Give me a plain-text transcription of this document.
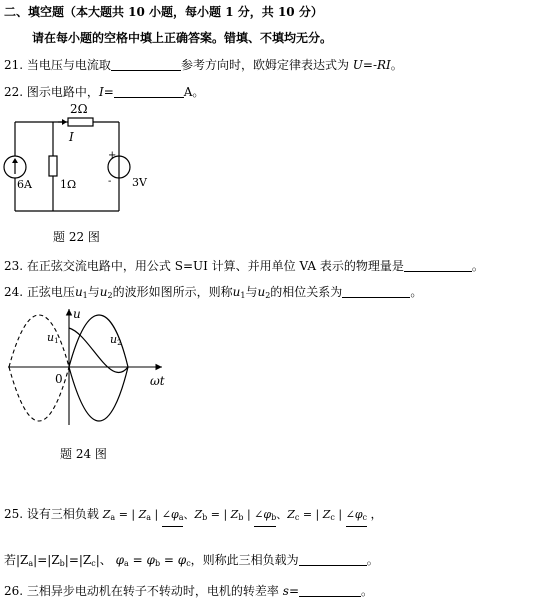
二、填空题（本大题共 10 小题，每小题 1 分，共 10 分）
请在每小题的空格中填上正确答案。错填、不填均无分。
21. 当电压与电流取	参考方向时，欧姆定律表达式为 U=-RI。
22. 图示电路中，I=	A。
2Ω
I
6A	1Ω	3V
+
-
题 22 图
23. 在正弦交流电路中，用公式 S=UI 计算、并用单位 VA 表示的物理量是	。
24. 正弦电压$u_1$与$u_2$的波形如图所示，则称$u_1$与$u_2$的相位关系为	。
u
ωt
0
u1	u2
题 24 图
25. 设有三相负载 $Z_a$ = | $Z_a$ | $\angle\varphi_a$、$Z_b$ = | $Z_b$ | $\angle\varphi_b$、$Z_c$ = | $Z_c$ | $\angle\varphi_c$ ，
若$|Z_a|=|Z_b|=|Z_c|$、 $\varphi_a = \varphi_b = \varphi_c$，则称此三相负载为	。
26. 三相异步电动机在转子不转动时，电机的转差率 s=	。
